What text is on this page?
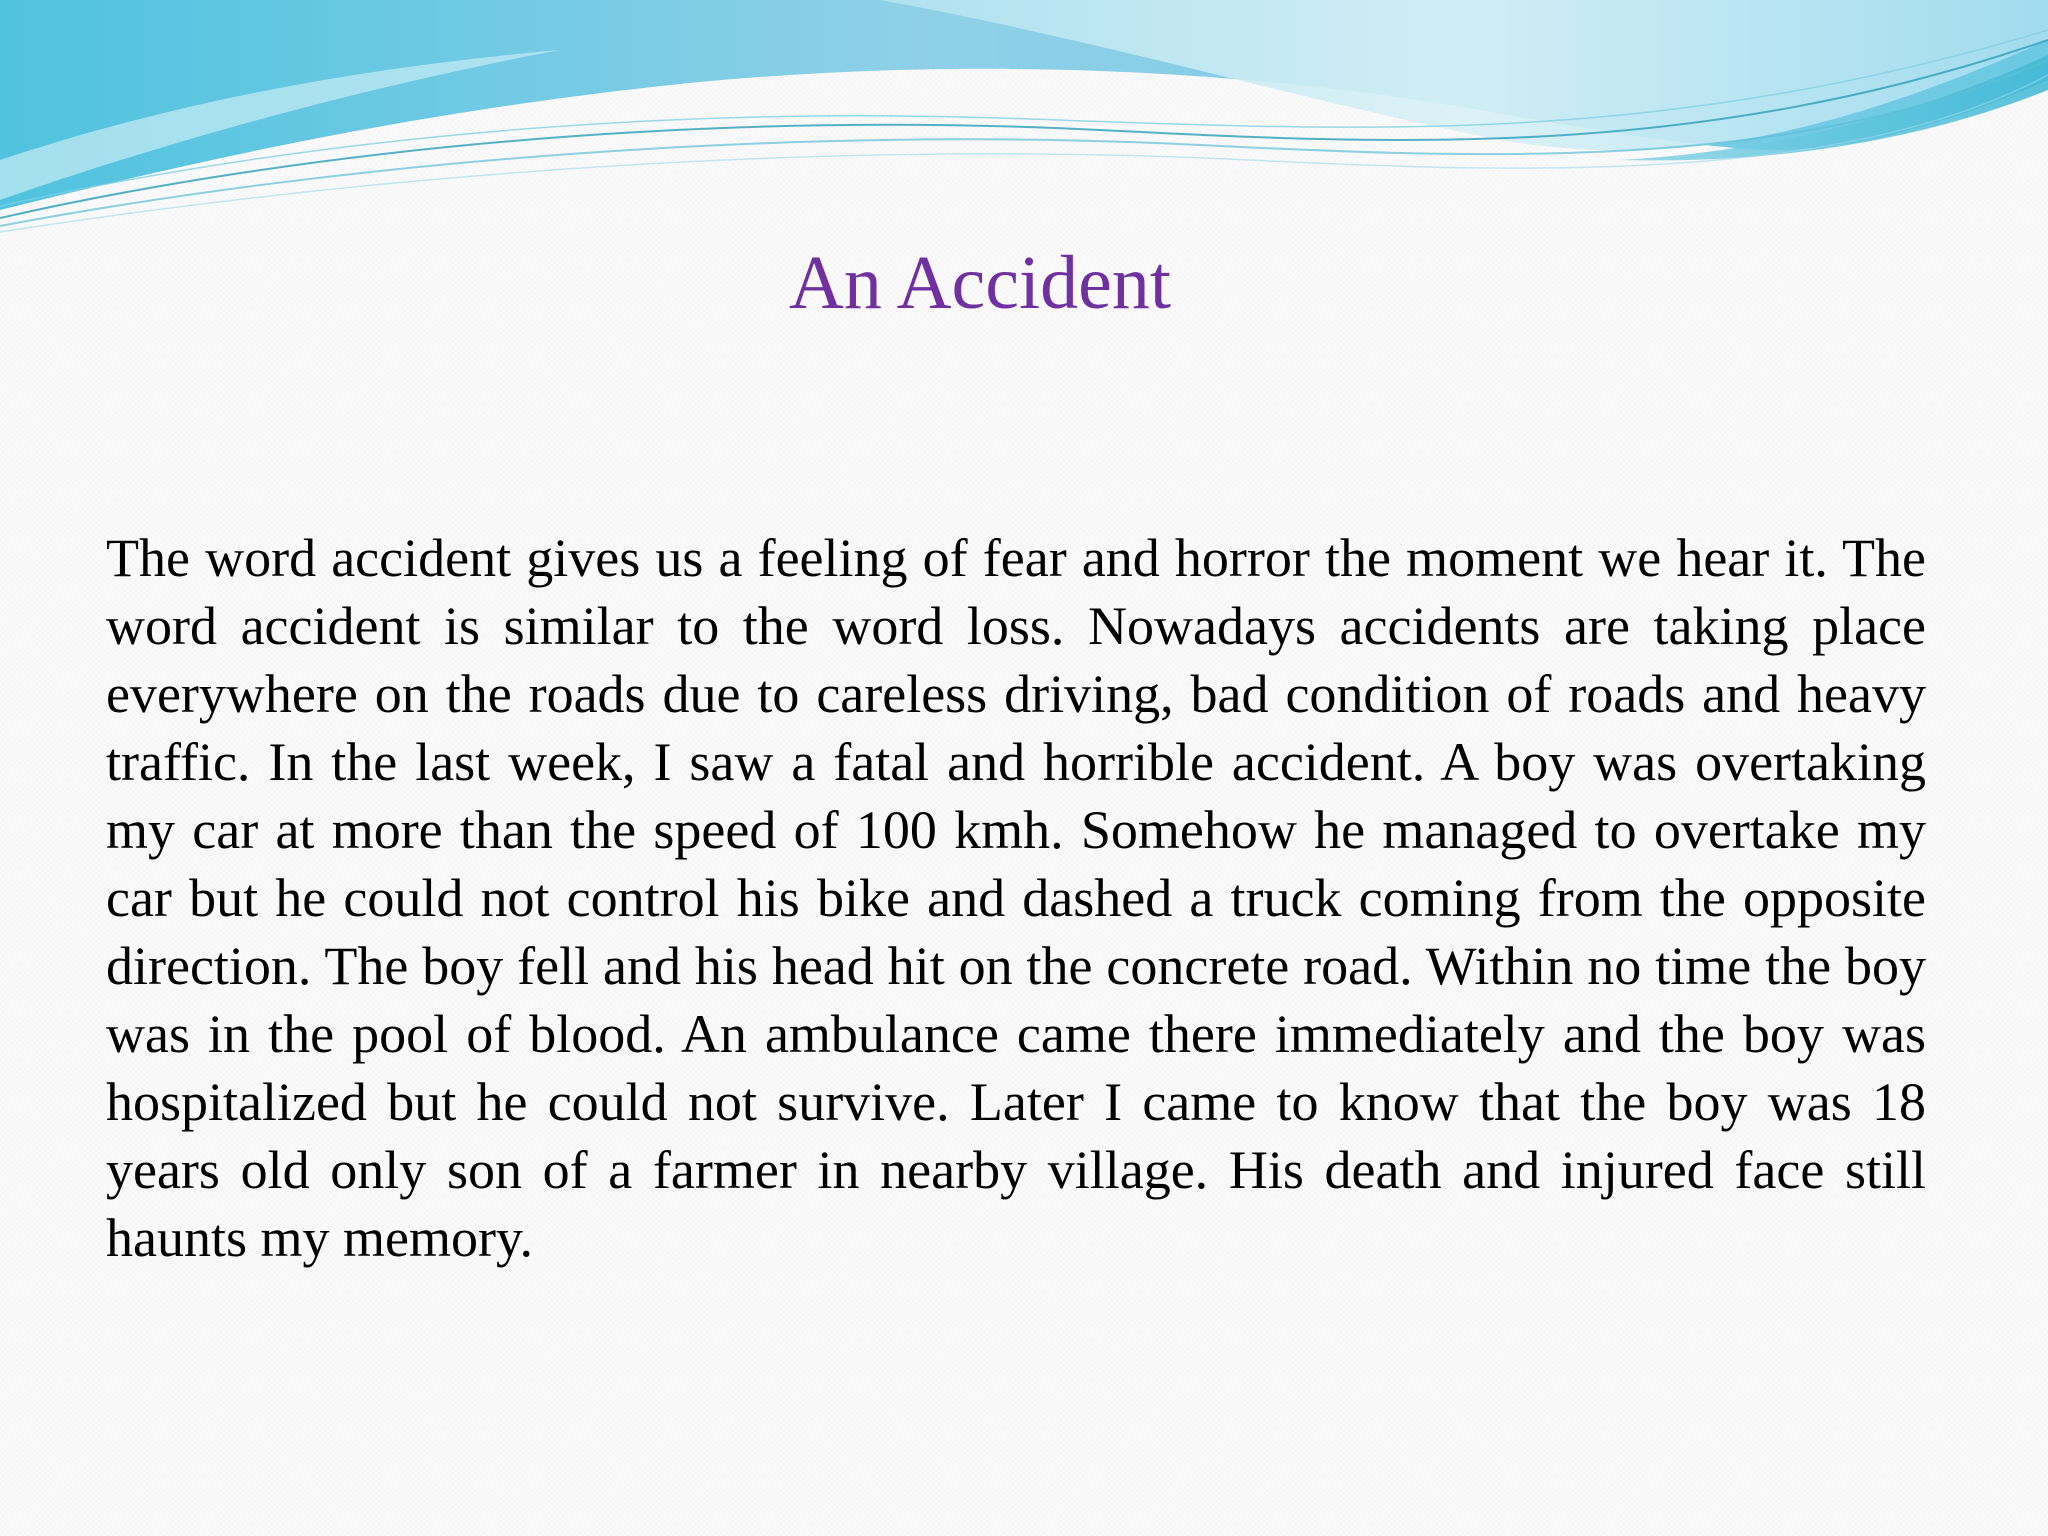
An Accident

The word accident gives us a feeling of fear and horror the moment we hear it. The word accident is similar to the word loss. Nowadays accidents are taking place everywhere on the roads due to careless driving, bad condition of roads and heavy traffic. In the last week, I saw a fatal and horrible accident. A boy was overtaking my car at more than the speed of 100 kmh. Somehow he managed to overtake my car but he could not control his bike and dashed a truck coming from the opposite direction. The boy fell and his head hit on the concrete road. Within no time the boy was in the pool of blood. An ambulance came there immediately and the boy was hospitalized but he could not survive. Later I came to know that the boy was 18 years old only son of a farmer in nearby village. His death and injured face still haunts my memory.
